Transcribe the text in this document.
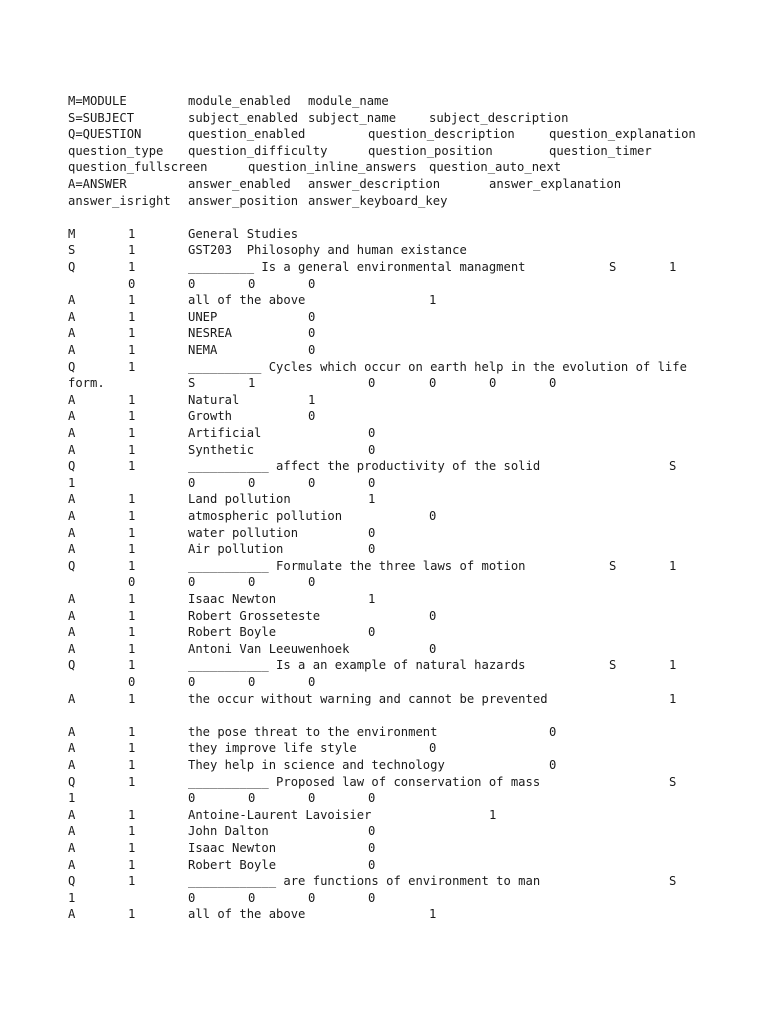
M=MODULE	module_enabled module_name
S=SUBJECT	subject_enabled subject_name	subject_description
Q=QUESTION	question_enabled	question_description	question_explanation
question_type question_difficulty	question_position	question_timer
question_fullscreen	question_inline_answers question_auto_next
A=ANSWER	answer_enabled answer_description	answer_explanation
answer_isright answer_position answer_keyboard_key
M	1	General Studies
S	1	GST203  Philosophy and human existance
Q	1	_________ Is a general environmental managment	S	1
0	0	0	0
A	1	all of the above	1
A	1	UNEP	0
A	1	NESREA	0
A	1	NEMA	0
Q	1	__________ Cycles which occur on earth help in the evolution of life
form.	S	1	0	0	0	0
A	1	Natural	1
A	1	Growth	0
A	1	Artificial	0
A	1	Synthetic	0
Q	1	___________ affect the productivity of the solid	S
1	0	0	0	0
A	1	Land pollution	1
A	1	atmospheric pollution	0
A	1	water pollution	0
A	1	Air pollution	0
Q	1	___________ Formulate the three laws of motion	S	1
0	0	0	0
A	1	Isaac Newton	1
A	1	Robert Grosseteste	0
A	1	Robert Boyle	0
A	1	Antoni Van Leeuwenhoek	0
Q	1	___________ Is a an example of natural hazards	S	1
0	0	0	0
A	1	the occur without warning and cannot be prevented	1
A	1	the pose threat to the environment	0
A	1	they improve life style	0
A	1	They help in science and technology	0
Q	1	___________ Proposed law of conservation of mass	S
1	0	0	0	0
A	1	Antoine-Laurent Lavoisier	1
A	1	John Dalton	0
A	1	Isaac Newton	0
A	1	Robert Boyle	0
Q	1	____________ are functions of environment to man	S
1	0	0	0	0
A	1	all of the above	1
